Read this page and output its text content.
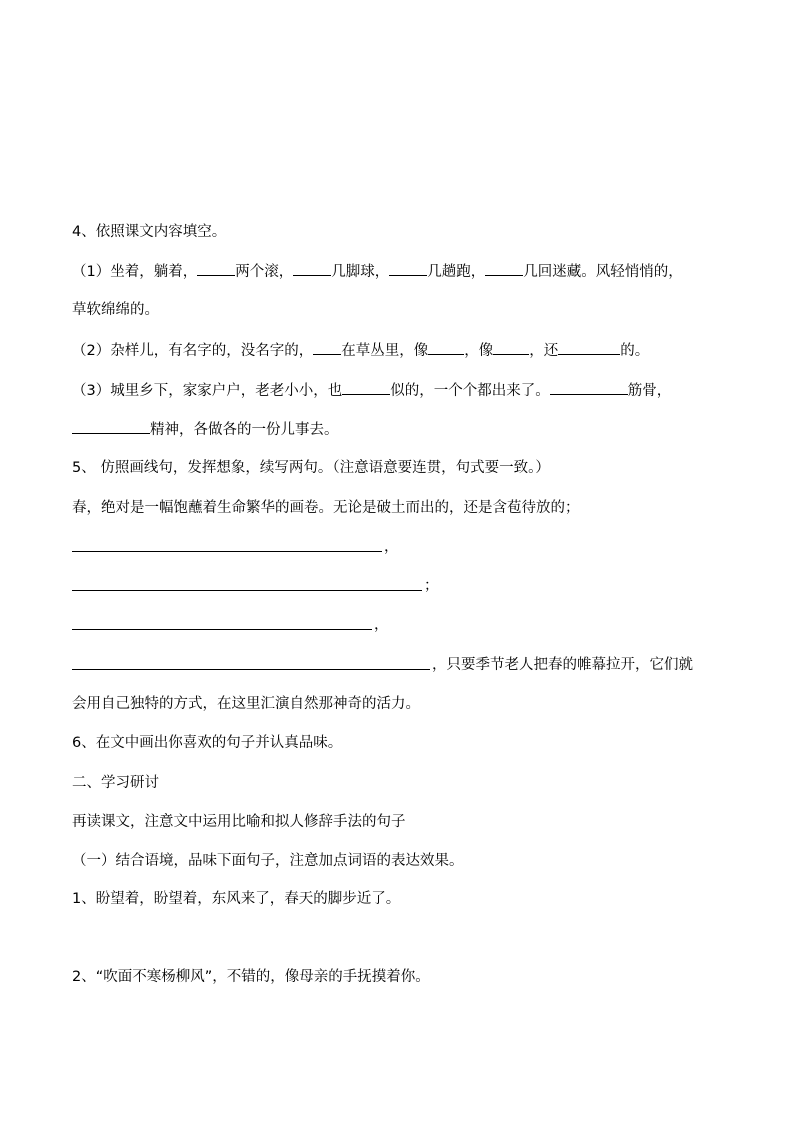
4、依照课文内容填空。
（1）坐着，躺着，	两个滚，	几脚球，	几趟跑，	几回迷藏。风轻悄悄的，
草软绵绵的。
（2）杂样儿，有名字的，没名字的， 在草丛里，像 ，像 ，还	的。
（3）城里乡下，家家户户，老老小小，也	似的，一个个都出来了。	筋骨，
精神，各做各的一份儿事去。
5、 仿照画线句，发挥想象，续写两句。（注意语意要连贯，句式要一致。）
春，绝对是一幅饱蘸着生命繁华的画卷。无论是破土而出的，还是含苞待放的；
，
；
，
，只要季节老人把春的帷幕拉开，它们就
会用自己独特的方式，在这里汇演自然那神奇的活力。
6、在文中画出你喜欢的句子并认真品味。
二、学习研讨
再读课文，注意文中运用比喻和拟人修辞手法的句子
（一）结合语境，品味下面句子，注意加点词语的表达效果。
1、盼望着，盼望着，东风来了，春天的脚步近了。
2、“吹面不寒杨柳风”，不错的，像母亲的手抚摸着你。
